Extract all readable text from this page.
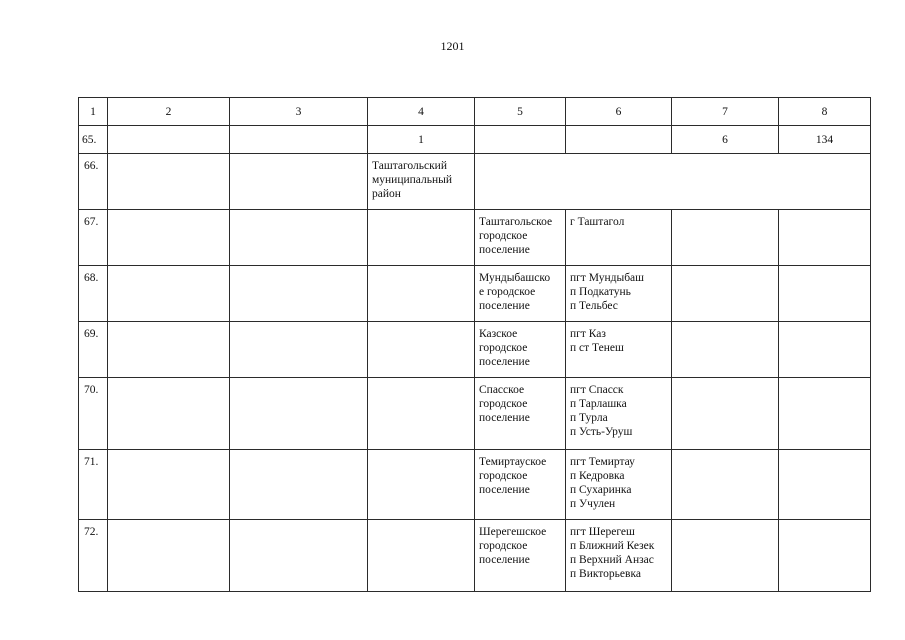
1201
1	2	3	4	5	6	7	8
65.			1			6	134
66.			Таштагольский
муниципальный
район				

67.				Таштагольское
городское
поселение	г Таштагол		

68.				Мундыбашско
е городское
поселение	пгт Мундыбаш
п Подкатунь
п Тельбес		

69.				Казское
городское
поселение	пгт Каз
п ст Тенеш		

70.				Спасское
городское
поселение	пгт Спасск
п Тарлашка
п Турла
п Усть-Уруш		

71.				Темиртауское
городское
поселение	пгт Темиртау
п Кедровка
п Сухаринка
п Учулен		

72.				Шерегешское
городское
поселение	пгт Шерегеш
п Ближний Кезек
п Верхний Анзас
п Викторьевка		
